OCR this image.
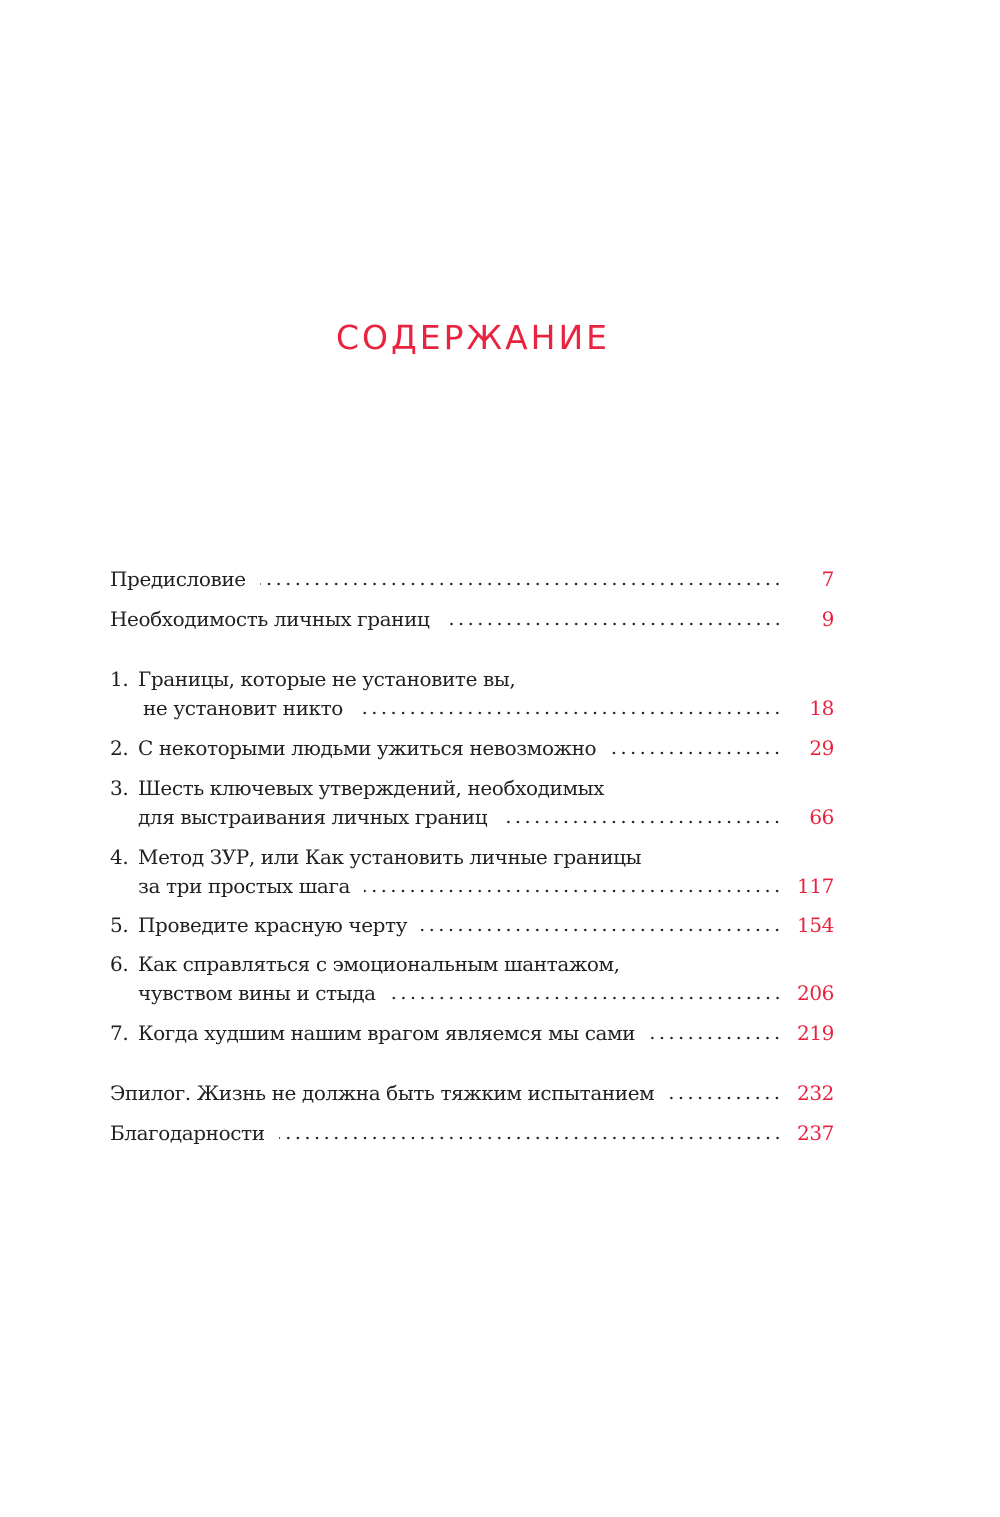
СОДЕРЖАНИЕ
Предисловие	7
Необходимость личных границ	9
1. Границы, которые не установите вы,
не установит никто	18
2. С некоторыми людьми ужиться невозможно	29
3. Шесть ключевых утверждений, необходимых
для выстраивания личных границ	66
4. Метод ЗУР, или Как установить личные границы
за три простых шага	117
5. Проведите красную черту	154
6. Как справляться с эмоциональным шантажом,
чувством вины и стыда	206
7. Когда худшим нашим врагом являемся мы сами	219
Эпилог. Жизнь не должна быть тяжким испытанием	232
Благодарности	237
